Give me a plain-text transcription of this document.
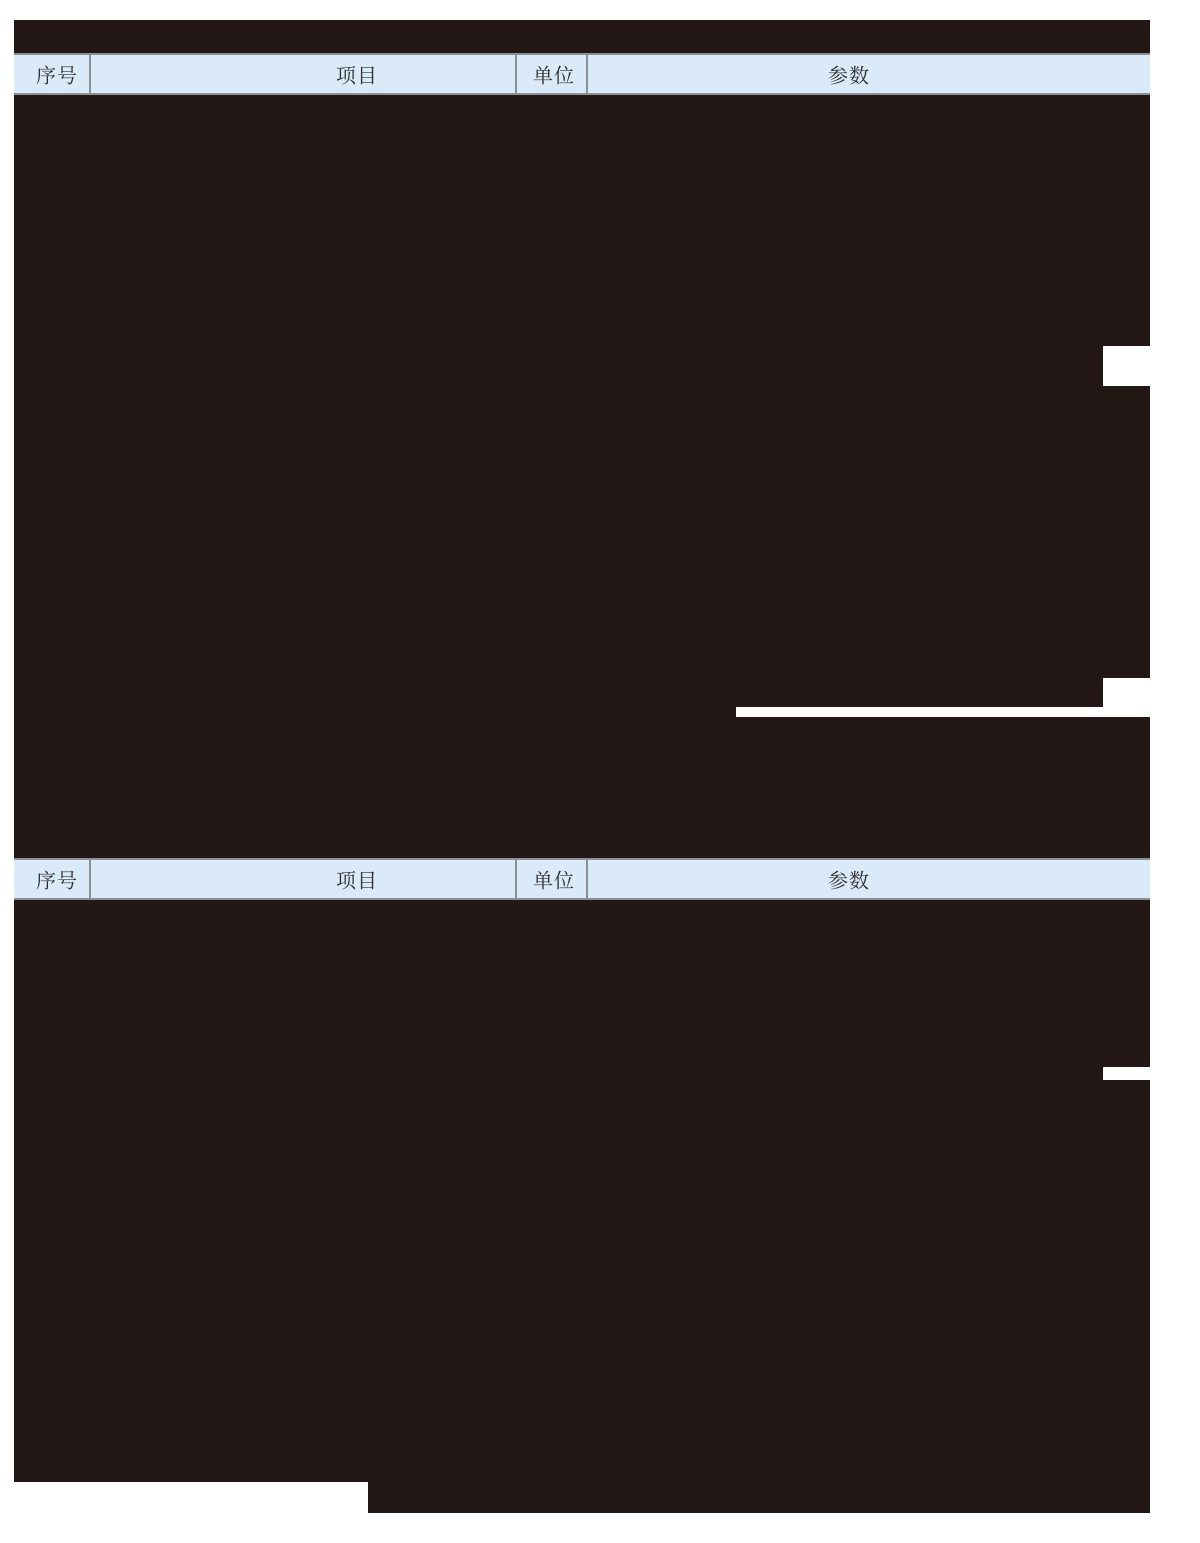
序号	项目	单位	参数
序号	项目	单位	参数
